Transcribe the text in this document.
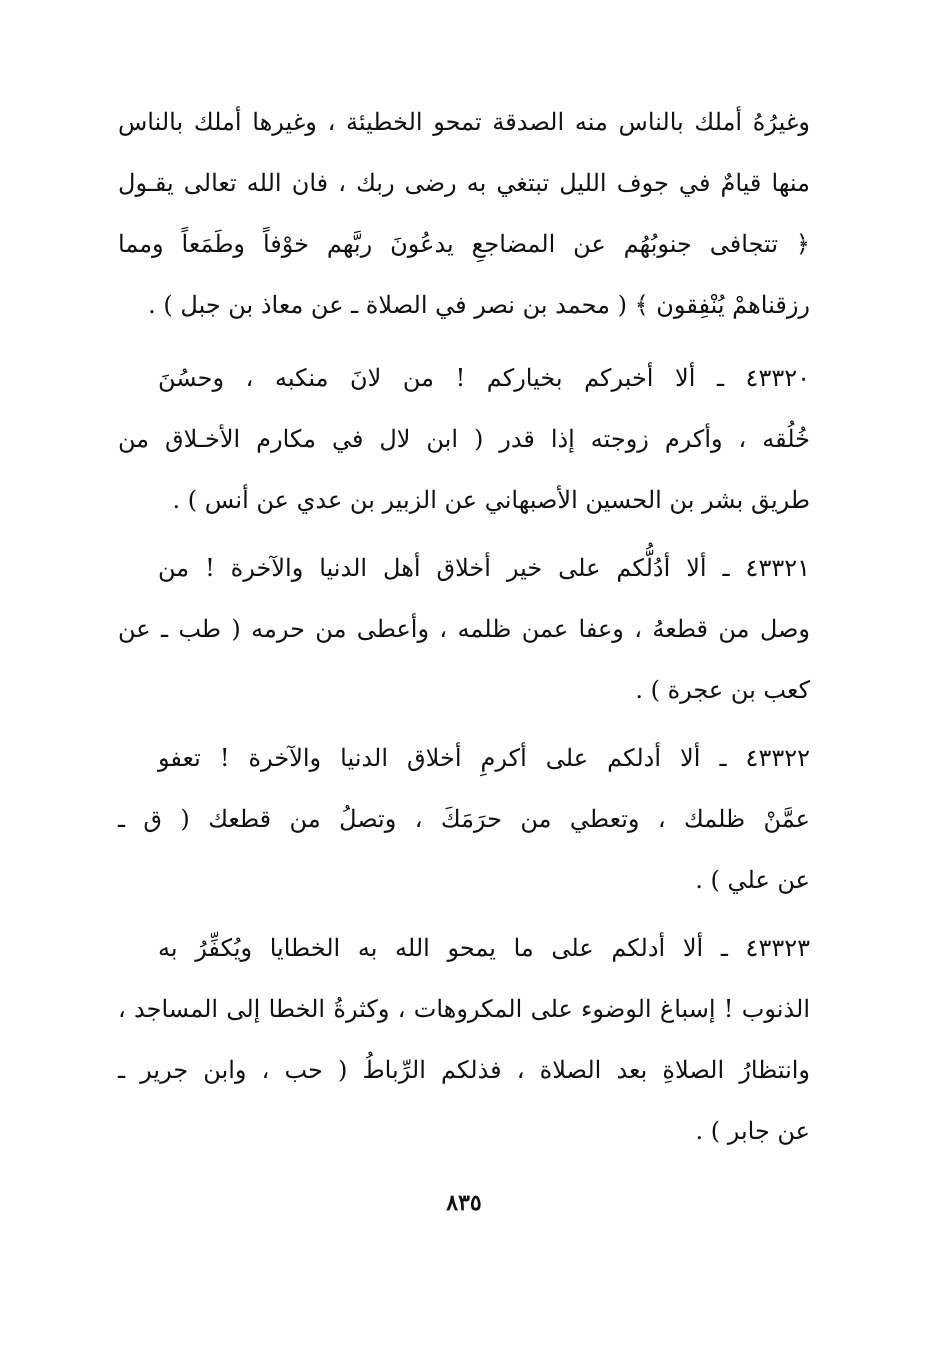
وغيرُهُ أملك بالناس منه الصدقة تمحو الخطيئة ، وغيرها أملك بالناس
منها قيامٌ في جوف الليل تبتغي به رضى ربك ، فان الله تعالى يقـول
﴿ تتجافى جنوبُهُم عن المضاجعِ يدعُونَ ربَّهم خوْفاً وطَمَعاً ومما
رزقناهمْ يُنْفِقون ﴾ ( محمد بن نصر في الصلاة ـ عن معاذ بن جبل ) .
٤٣٣٢٠ ـ ألا أخبركم بخياركم ! من لانَ منكبه ، وحسُنَ
خُلُقه ، وأكرم زوجته إذا قدر ( ابن لال في مكارم الأخـلاق من
طريق بشر بن الحسين الأصبهاني عن الزبير بن عدي عن أنس ) .
٤٣٣٢١ ـ ألا أدُلُّكم على خير أخلاق أهل الدنيا والآخرة ! من
وصل من قطعهُ ، وعفا عمن ظلمه ، وأعطى من حرمه ( طب ـ عن
كعب بن عجرة ) .
٤٣٣٢٢ ـ ألا أدلكم على أكرمِ أخلاق الدنيا والآخرة ! تعفو
عمَّنْ ظلمك ، وتعطي من حرَمَكَ ، وتصلُ من قطعك ( ق ـ
عن علي ) .
٤٣٣٢٣ ـ ألا أدلكم على ما يمحو الله به الخطايا ويُكفِّرُ به
الذنوب ! إسباغ الوضوء على المكروهات ، وكثرةُ الخطا إلى المساجد ،
وانتظارُ الصلاةِ بعد الصلاة ، فذلكم الرِّباطُ ( حب ، وابن جرير ـ
عن جابر ) .
٨٣٥
